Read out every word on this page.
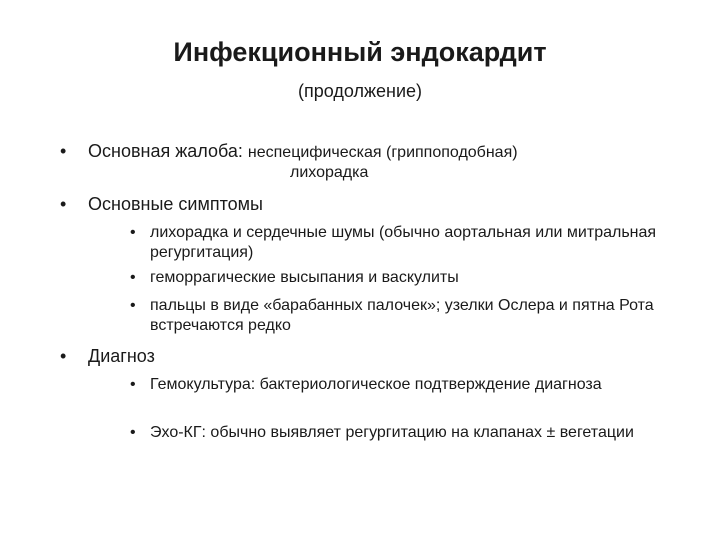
Инфекционный эндокардит
(продолжение)
• Основная жалоба: неспецифическая (гриппоподобная)
лихорадка
• Основные симптомы
• лихорадка и сердечные шумы (обычно аортальная или митральная регургитация)
• геморрагические высыпания и васкулиты
• пальцы в виде «барабанных палочек»; узелки Ослера и пятна Рота встречаются редко
• Диагноз
• Гемокультура: бактериологическое подтверждение диагноза
• Эхо-КГ: обычно выявляет регургитацию на клапанах ± вегетации
